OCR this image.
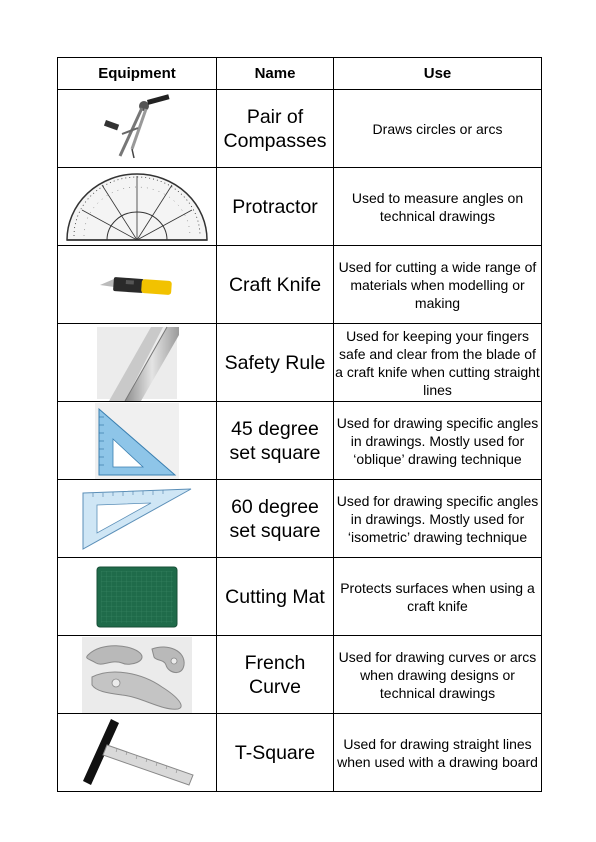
Equipment	Name	Use

	Pair of Compasses	Draws circles or arcs

	Protractor	Used to measure angles on technical drawings

	Craft Knife	Used for cutting a wide range of materials when modelling or making

	Safety Rule	Used for keeping your fingers safe and clear from the blade of a craft knife when cutting straight lines

	45 degree set square	Used for drawing specific angles in drawings. Mostly used for ‘oblique’ drawing technique

	60 degree set square	Used for drawing specific angles in drawings. Mostly used for ‘isometric’ drawing technique

	Cutting Mat	Protects surfaces when using a craft knife

	French Curve	Used for drawing curves or arcs when drawing designs or technical drawings

	T-Square	Used for drawing straight lines when used with a drawing board
